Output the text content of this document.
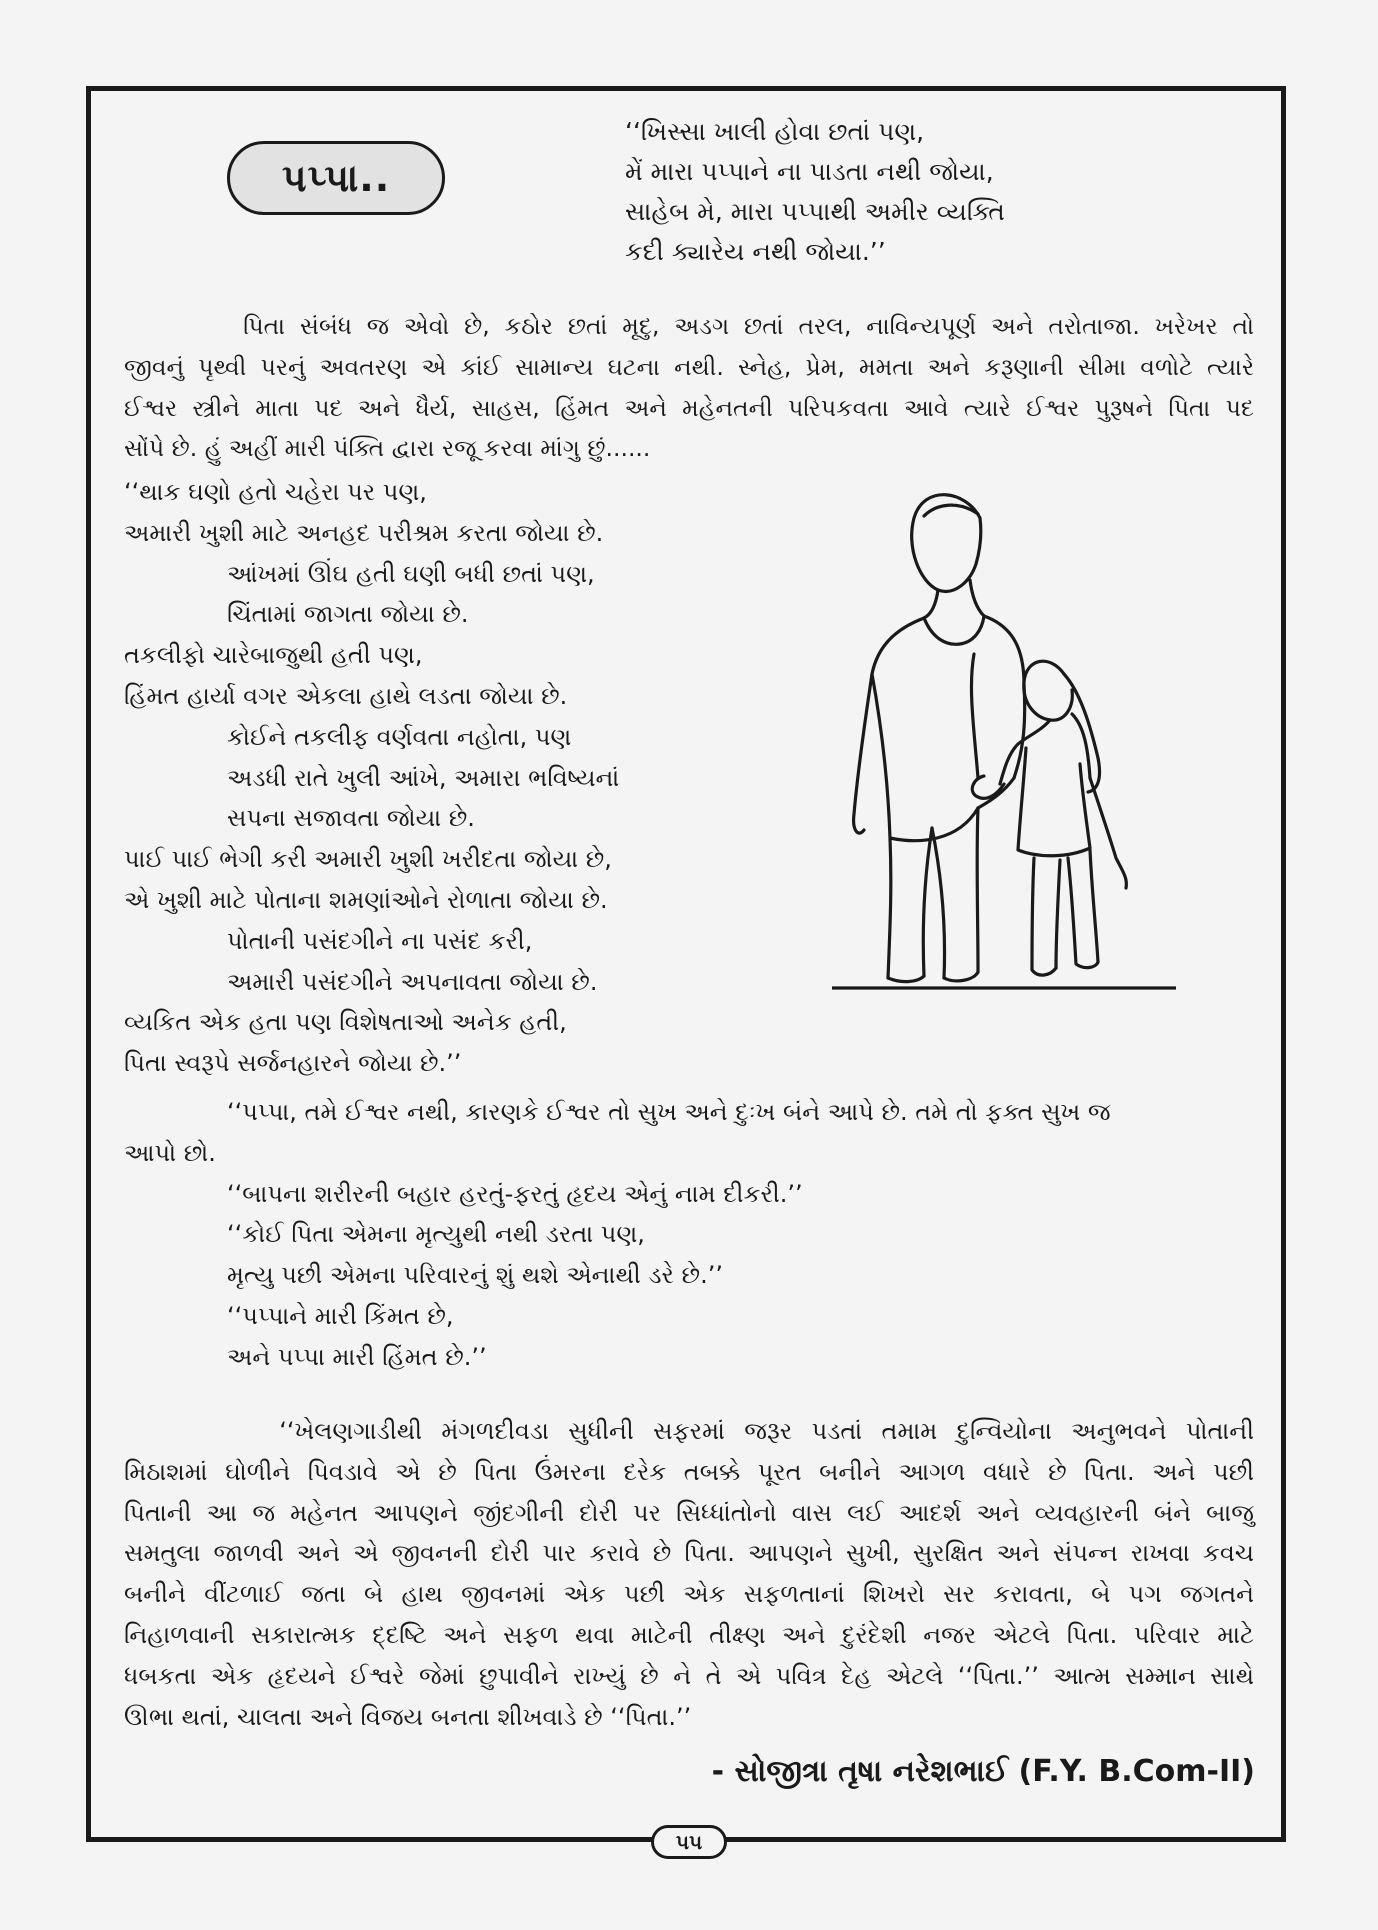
પપ્પા..
‘‘ખિસ્સા ખાલી હોવા છતાં પણ,
મેં મારા પપ્પાને ના પાડતા નથી જોયા,
સાહેબ મે, મારા પપ્પાથી અમીર વ્યક્તિ
કદી ક્યારેય નથી જોયા.’’
પિતા સંબંધ જ એવો છે, કઠોર છતાં મૃદુ, અડગ છતાં તરલ, નાવિન્યપૂર્ણ અને તરોતાજા. ખરેખર તો
જીવનું પૃથ્વી પરનું અવતરણ એ કાંઈ સામાન્ય ઘટના નથી. સ્નેહ, પ્રેમ, મમતા અને કરૂણાની સીમા વળોટે ત્યારે
ઈશ્વર સ્ત્રીને માતા પદ અને ધૈર્ય, સાહસ, હિંમત અને મહેનતની પરિપકવતા આવે ત્યારે ઈશ્વર પુરૂષને પિતા પદ
સોંપે છે. હું અહીં મારી પંક્તિ દ્વારા રજૂ કરવા માંગુ છું......
‘‘થાક ઘણો હતો ચહેરા પર પણ,
અમારી ખુશી માટે અનહદ પરીશ્રમ કરતા જોયા છે.
આંખમાં ઊંઘ હતી ઘણી બધી છતાં પણ,
ચિંતામાં જાગતા જોયા છે.
તકલીફો ચારેબાજુથી હતી પણ,
હિંમત હાર્યા વગર એકલા હાથે લડતા જોયા છે.
કોઈને તકલીફ વર્ણવતા નહોતા, પણ
અડધી રાતે ખુલી આંખે, અમારા ભવિષ્યનાં
સપના સજાવતા જોયા છે.
પાઈ પાઈ ભેગી કરી અમારી ખુશી ખરીદતા જોયા છે,
એ ખુશી માટે પોતાના શમણાંઓને રોળાતા જોયા છે.
પોતાની પસંદગીને ના પસંદ કરી,
અમારી પસંદગીને અપનાવતા જોયા છે.
વ્યકિત એક હતા પણ વિશેષતાઓ અનેક હતી,
પિતા સ્વરૂપે સર્જનહારને જોયા છે.’’
‘‘પપ્પા, તમે ઈશ્વર નથી, કારણકે ઈશ્વર તો સુખ અને દુઃખ બંને આપે છે. તમે તો ફક્ત સુખ જ
આપો છો.
‘‘બાપના શરીરની બહાર હરતું-ફરતું હૃદય એનું નામ દીકરી.’’
‘‘કોઈ પિતા એમના મૃત્યુથી નથી ડરતા પણ,
મૃત્યુ પછી એમના પરિવારનું શું થશે એનાથી ડરે છે.’’
‘‘પપ્પાને મારી કિંમત છે,
અને પપ્પા મારી હિંમત છે.’’
‘‘ખેલણગાડીથી મંગળદીવડા સુધીની સફરમાં જરૂર પડતાં તમામ દુન્વિયોના અનુભવને પોતાની
મિઠાશમાં ઘોળીને પિવડાવે એ છે પિતા ઉંમરના દરેક તબક્કે પૂરત બનીને આગળ વધારે છે પિતા. અને પછી
પિતાની આ જ મહેનત આપણને જીંદગીની દોરી પર સિધ્ધાંતોનો વાસ લઈ આદર્શ અને વ્યવહારની બંને બાજુ
સમતુલા જાળવી અને એ જીવનની દોરી પાર કરાવે છે પિતા. આપણને સુખી, સુરક્ષિત અને સંપન્ન રાખવા કવચ
બનીને વીંટળાઈ જતા બે હાથ જીવનમાં એક પછી એક સફળતાનાં શિખરો સર કરાવતા, બે પગ જગતને
નિહાળવાની સકારાત્મક દ્દષ્ટિ અને સફળ થવા માટેની તીક્ષ્ણ અને દુરંદેશી નજર એટલે પિતા. પરિવાર માટે
ધબકતા એક હૃદયને ઈશ્વરે જેમાં છુપાવીને રાખ્યું છે ને તે એ પવિત્ર દેહ એટલે ‘‘પિતા.’’ આત્મ સમ્માન સાથે
ઊભા થતાં, ચાલતા અને વિજય બનતા શીખવાડે છે ‘‘પિતા.’’
- સોજીત્રા તૃષા નરેશભાઈ (F.Y. B.Com-II)
૫૫
